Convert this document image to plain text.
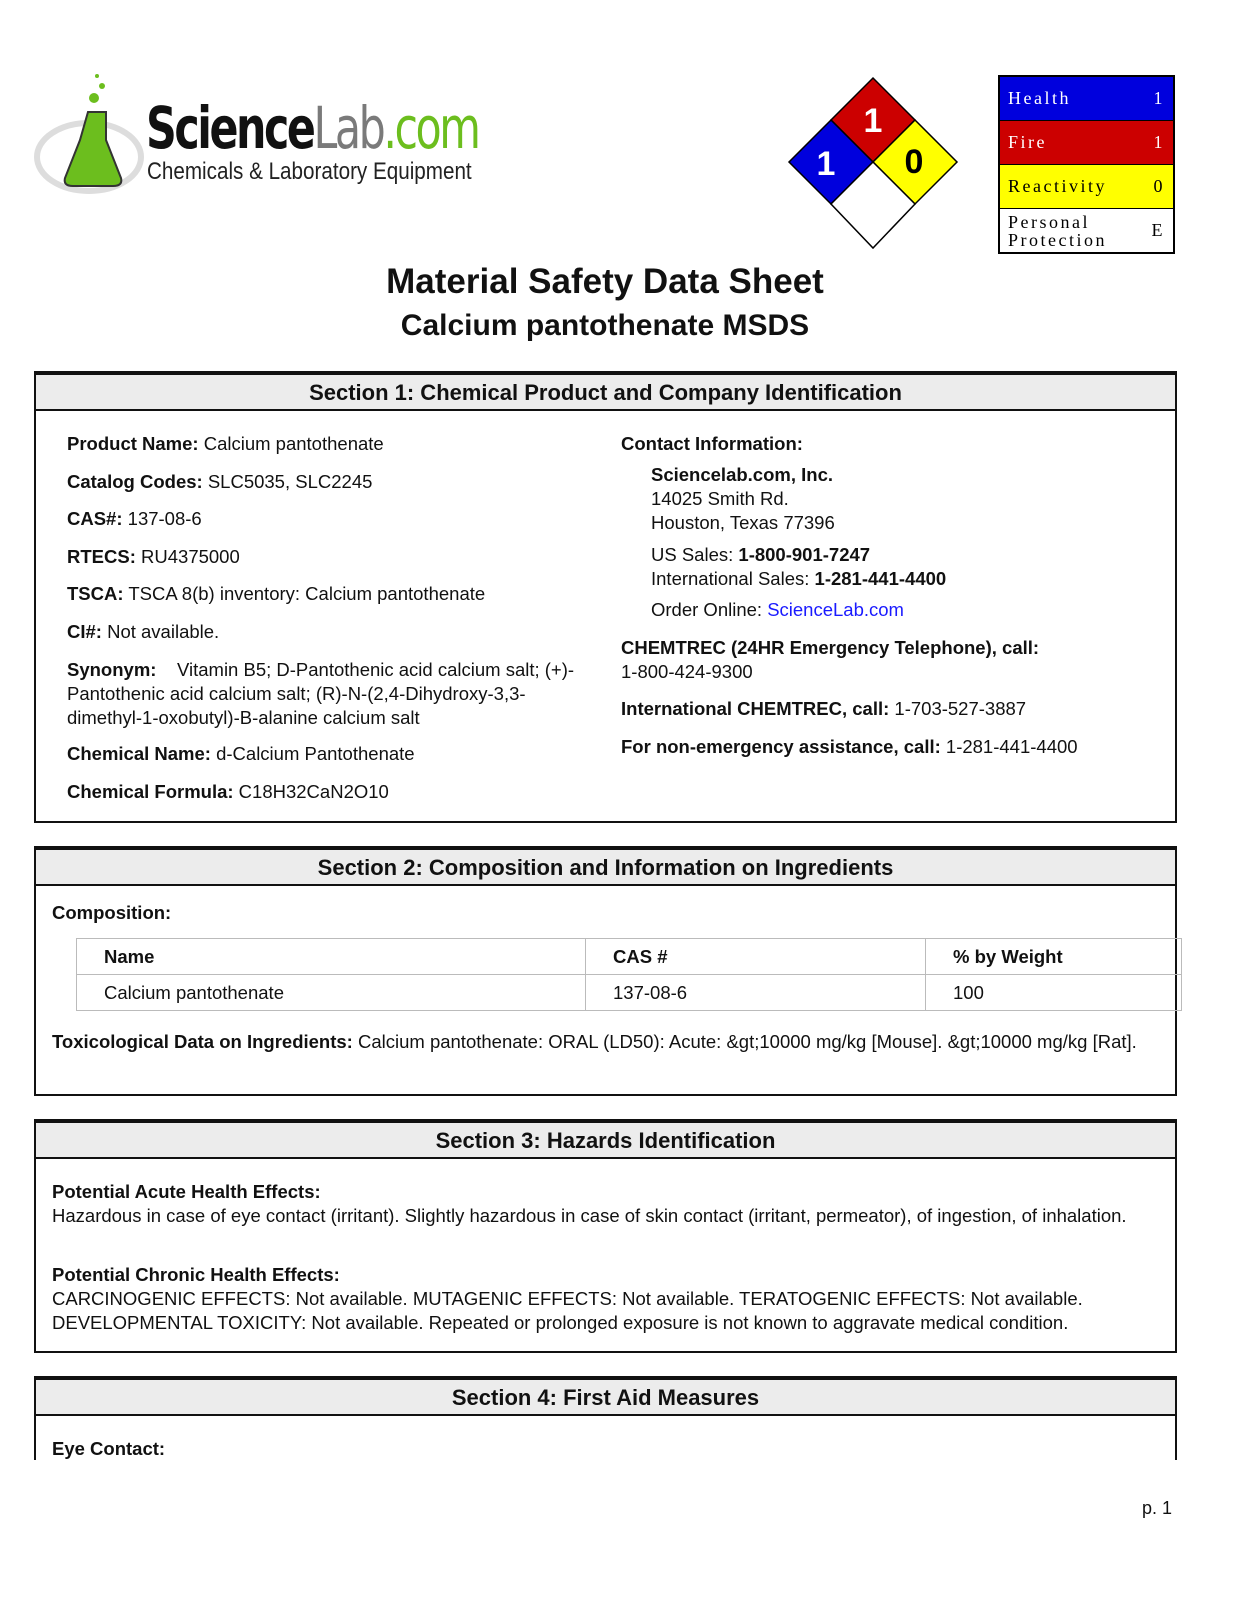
ScienceLab.com
Chemicals & Laboratory Equipment
1
1 0
Health	1
Fire	1
Reactivity	0
Personal Protection	E
Material Safety Data Sheet
Calcium pantothenate MSDS
Section 1: Chemical Product and Company Identification
Product Name: Calcium pantothenate
Catalog Codes: SLC5035, SLC2245
CAS#: 137-08-6
RTECS: RU4375000
TSCA: TSCA 8(b) inventory: Calcium pantothenate
CI#: Not available.
Synonym:    Vitamin B5; D-Pantothenic acid calcium salt; (+)-Pantothenic acid calcium salt; (R)-N-(2,4-Dihydroxy-3,3-dimethyl-1-oxobutyl)-B-alanine calcium salt
Chemical Name: d-Calcium Pantothenate
Chemical Formula: C18H32CaN2O10
Contact Information:
Sciencelab.com, Inc.
14025 Smith Rd.
Houston, Texas 77396
US Sales: 1-800-901-7247
International Sales: 1-281-441-4400
Order Online: ScienceLab.com
CHEMTREC (24HR Emergency Telephone), call:
1-800-424-9300
International CHEMTREC, call: 1-703-527-3887
For non-emergency assistance, call: 1-281-441-4400
Section 2: Composition and Information on Ingredients
Composition:
Name	CAS #	% by Weight
Calcium pantothenate	137-08-6	100
Toxicological Data on Ingredients: Calcium pantothenate: ORAL (LD50): Acute: &gt;10000 mg/kg [Mouse]. &gt;10000 mg/kg [Rat].
Section 3: Hazards Identification
Potential Acute Health Effects:
Hazardous in case of eye contact (irritant). Slightly hazardous in case of skin contact (irritant, permeator), of ingestion, of inhalation.
Potential Chronic Health Effects:
CARCINOGENIC EFFECTS: Not available. MUTAGENIC EFFECTS: Not available. TERATOGENIC EFFECTS: Not available. DEVELOPMENTAL TOXICITY: Not available. Repeated or prolonged exposure is not known to aggravate medical condition.
Section 4: First Aid Measures
Eye Contact:
p. 1
